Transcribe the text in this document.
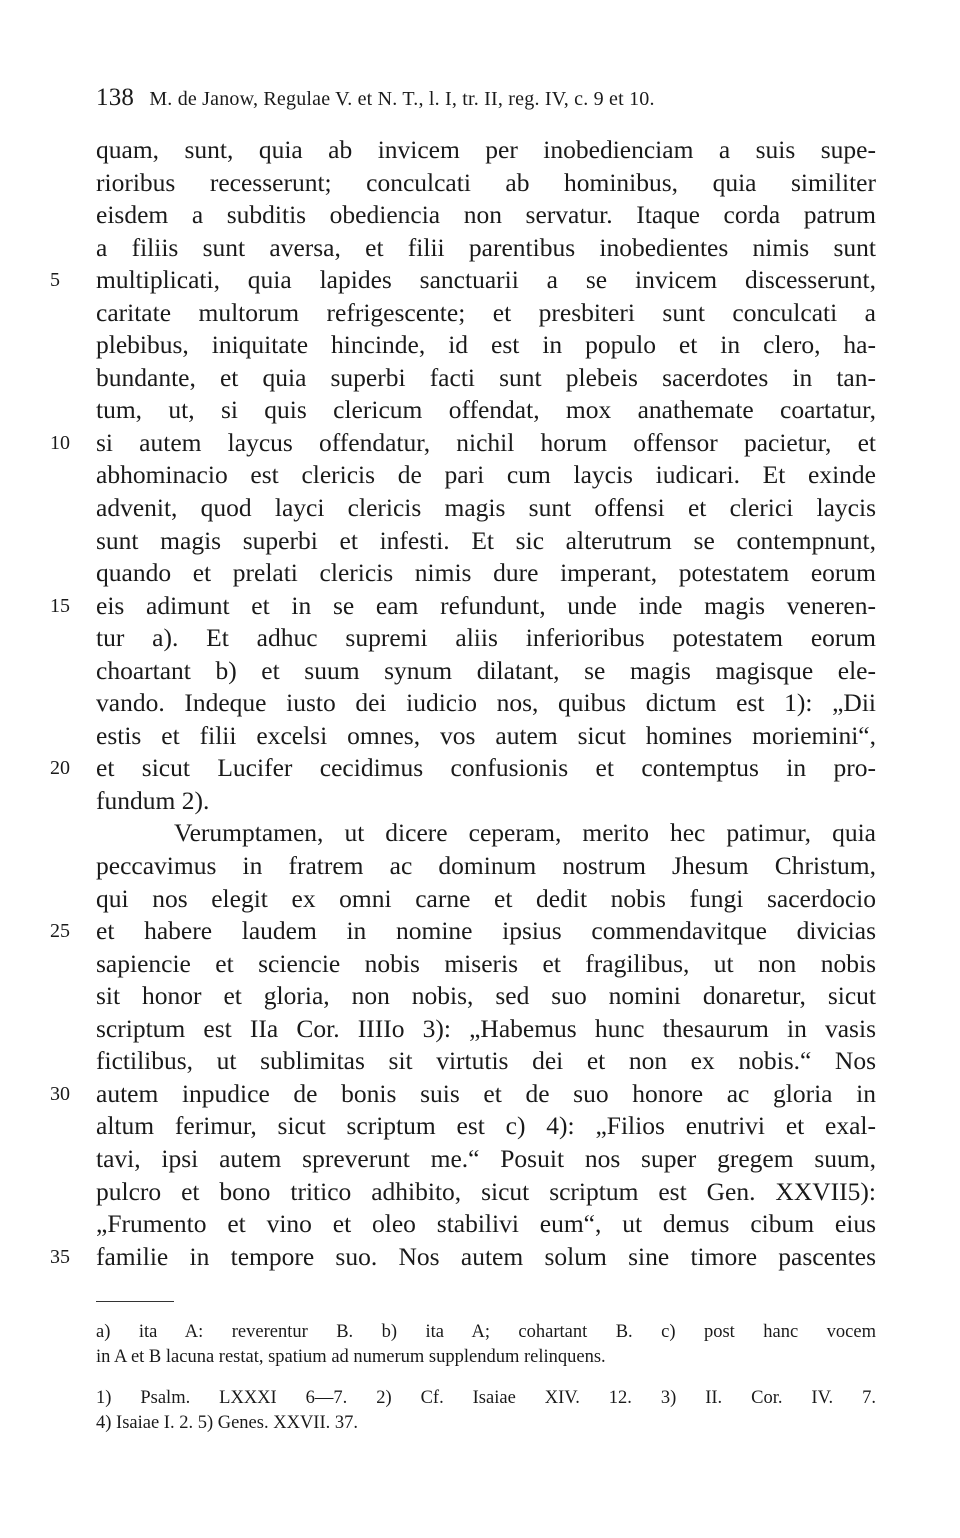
138 M. de Janow, Regulae V. et N. T., l. I, tr. II, reg. IV, c. 9 et 10.
quam, sunt, quia ab invicem per inobedienciam a suis supe-
rioribus recesserunt; conculcati ab hominibus, quia similiter
eisdem a subditis obediencia non servatur. Itaque corda patrum
a filiis sunt aversa, et filii parentibus inobedientes nimis sunt
5	multiplicati, quia lapides sanctuarii a se invicem discesserunt,
caritate multorum refrigescente; et presbiteri sunt conculcati a
plebibus, iniquitate hincinde, id est in populo et in clero, ha-
bundante, et quia superbi facti sunt plebeis sacerdotes in tan-
tum, ut, si quis clericum offendat, mox anathemate coartatur,
10	si autem laycus offendatur, nichil horum offensor pacietur, et
abhominacio est clericis de pari cum laycis iudicari. Et exinde
advenit, quod layci clericis magis sunt offensi et clerici laycis
sunt magis superbi et infesti. Et sic alterutrum se contempnunt,
quando et prelati clericis nimis dure imperant, potestatem eorum
15	eis adimunt et in se eam refundunt, unde inde magis veneren-
tur a). Et adhuc supremi aliis inferioribus potestatem eorum
choartant b) et suum synum dilatant, se magis magisque ele-
vando. Indeque iusto dei iudicio nos, quibus dictum est 1): „Dii
estis et filii excelsi omnes, vos autem sicut homines moriemini“,
20	et sicut Lucifer cecidimus confusionis et contemptus in pro-
fundum 2).
Verumptamen, ut dicere ceperam, merito hec patimur, quia
peccavimus in fratrem ac dominum nostrum Jhesum Christum,
qui nos elegit ex omni carne et dedit nobis fungi sacerdocio
25	et habere laudem in nomine ipsius commendavitque divicias
sapiencie et sciencie nobis miseris et fragilibus, ut non nobis
sit honor et gloria, non nobis, sed suo nomini donaretur, sicut
scriptum est IIa Cor. IIIIo 3): „Habemus hunc thesaurum in vasis
fictilibus, ut sublimitas sit virtutis dei et non ex nobis.“ Nos
30	autem inpudice de bonis suis et de suo honore ac gloria in
altum ferimur, sicut scriptum est c) 4): „Filios enutrivi et exal-
tavi, ipsi autem spreverunt me.“ Posuit nos super gregem suum,
pulcro et bono tritico adhibito, sicut scriptum est Gen. XXVII5):
„Frumento et vino et oleo stabilivi eum“, ut demus cibum eius
35	familie in tempore suo. Nos autem solum sine timore pascentes
a) ita A: reverentur B. b) ita A; cohartant B. c) post hanc vocem
in A et B lacuna restat, spatium ad numerum supplendum relinquens.
1) Psalm. LXXXI 6—7. 2) Cf. Isaiae XIV. 12. 3) II. Cor. IV. 7.
4) Isaiae I. 2. 5) Genes. XXVII. 37.
